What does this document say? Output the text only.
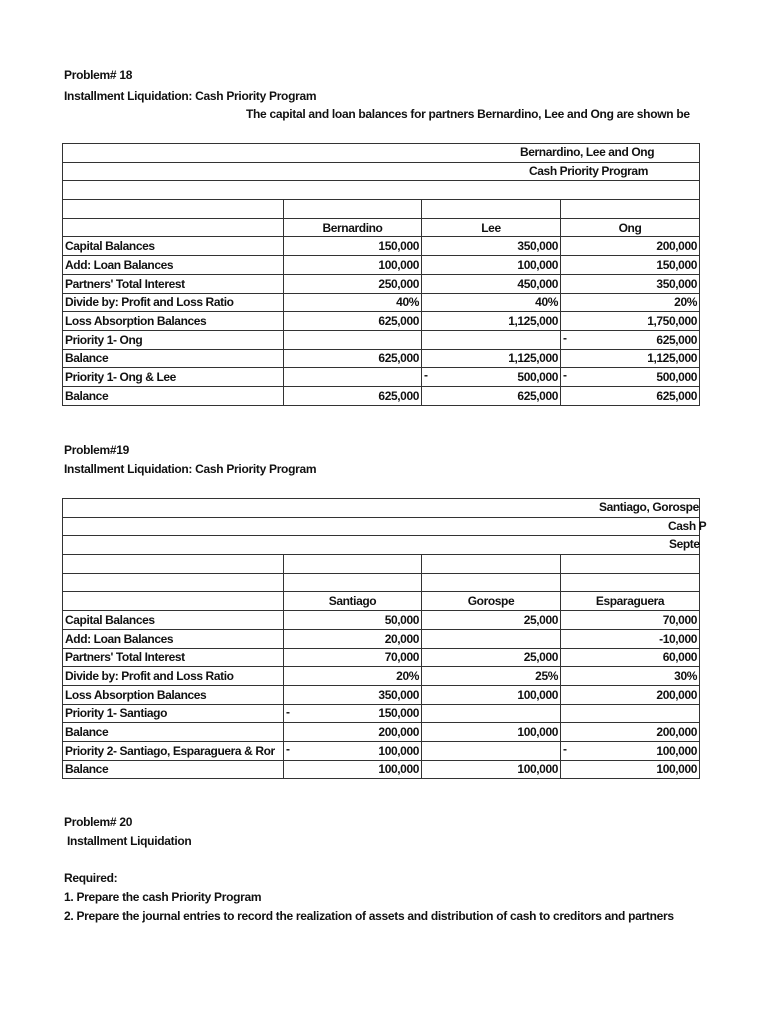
Problem# 18
Installment Liquidation: Cash Priority Program
The capital and loan balances for partners Bernardino, Lee and Ong are shown be
Bernardino, Lee and Ong			

Cash Priority Program			

	Bernardino	Lee	Ong
Capital Balances	150,000	350,000	200,000
Add: Loan Balances	100,000	100,000	150,000
Partners' Total Interest	250,000	450,000	350,000
Divide by: Profit and Loss Ratio	40%	40%	20%
Loss Absorption Balances	625,000	1,125,000	1,750,000
Priority 1- Ong			- 625,000
Balance	625,000	1,125,000	1,125,000
Priority 1- Ong & Lee		- 500,000	- 500,000
Balance	625,000	625,000	625,000
Problem#19
Installment Liquidation: Cash Priority Program
Santiago, Gorospe			

Cash P			

Septe			

	Santiago	Gorospe	Esparaguera
Capital Balances	50,000	25,000	70,000
Add: Loan Balances	20,000		-10,000
Partners' Total Interest	70,000	25,000	60,000
Divide by: Profit and Loss Ratio	20%	25%	30%
Loss Absorption Balances	350,000	100,000	200,000
Priority 1- Santiago	- 150,000	

Balance	200,000	100,000	200,000
Priority 2- Santiago, Esparaguera & Ror	- 100,000		- 100,000
Balance	100,000	100,000	100,000
Problem# 20
Installment Liquidation
Required:
1. Prepare the cash Priority Program
2. Prepare the journal entries to record the realization of assets and distribution of cash to creditors and partners
